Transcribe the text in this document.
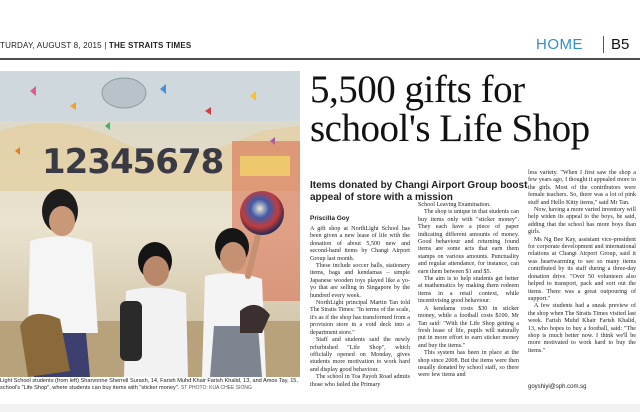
TURDAY, AUGUST 8, 2015 | THE STRAITS TIMES	HOME	B5
12345678
Light School students (from left) Sharvonne Sherrell Surash, 14, Farish Muhd Khair Farish Khalid, 13, and Amos Tay, 15, school's "Life Shop", where students can buy items with "sticker money". ST PHOTO: KUA CHEE SIONG
5,500 gifts for
school's Life Shop
Items donated by Changi Airport Group boost appeal of store with a mission
Priscilla Goy

A gift shop at NorthLight School has been given a new lease of life with the donation of about 5,500 new and second-hand items by Changi Airport Group last month.

These include soccer balls, stationery items, bags and kendamas – simple Japanese wooden toys played like a yo-yo that are selling in Singapore by the hundred every week.

NorthLight principal Martin Tan told The Straits Times: "In terms of the scale, it's as if the shop has transformed from a provision store in a void deck into a department store."

Staff and students said the newly refurbished "Life Shop", which officially opened on Monday, gives students more motivation to work hard and display good behaviour.

The school in Toa Payoh Road admits those who failed the Primary

School Leaving Examination.

The shop is unique in that students can buy items only with "sticker money". They each have a piece of paper indicating different amounts of money. Good behaviour and returning found items are some acts that earn them stamps on various amounts. Punctuality and regular attendance, for instance, can earn them between $1 and $5.

The aim is to help students get better at mathematics by making them redeem items in a retail context, while incentivising good behaviour.

A kendama costs $30 in sticker money, while a football costs $100. Mr Tan said: "With the Life Shop getting a fresh lease of life, pupils will naturally put in more effort to earn sticker money and buy the items."

This system has been in place at the shop since 2008. But the items were then usually donated by school staff, so there were few items and

less variety. "When I first saw the shop a few years ago, I thought it appealed more to the girls. Most of the contributors were female teachers. So, there was a lot of pink stuff and Hello Kitty items," said Mr Tan.

Now, having a more varied inventory will help widen its appeal to the boys, he said, adding that the school has more boys than girls.

Ms Ng Bee Kay, assistant vice-president for corporate development and international relations at Changi Airport Group, said it was heartwarming to see so many items contributed by its staff during a three-day donation drive. "Over 50 volunteers also helped to transport, pack and sort out the items. There was a great outpouring of support."

A few students had a sneak preview of the shop when The Straits Times visited last week. Farish Muhd Khair Farish Khalid, 13, who hopes to buy a football, said: "The shop is much better now. I think we'll be more motivated to work hard to buy the items."

goyshiyi@sph.com.sg
